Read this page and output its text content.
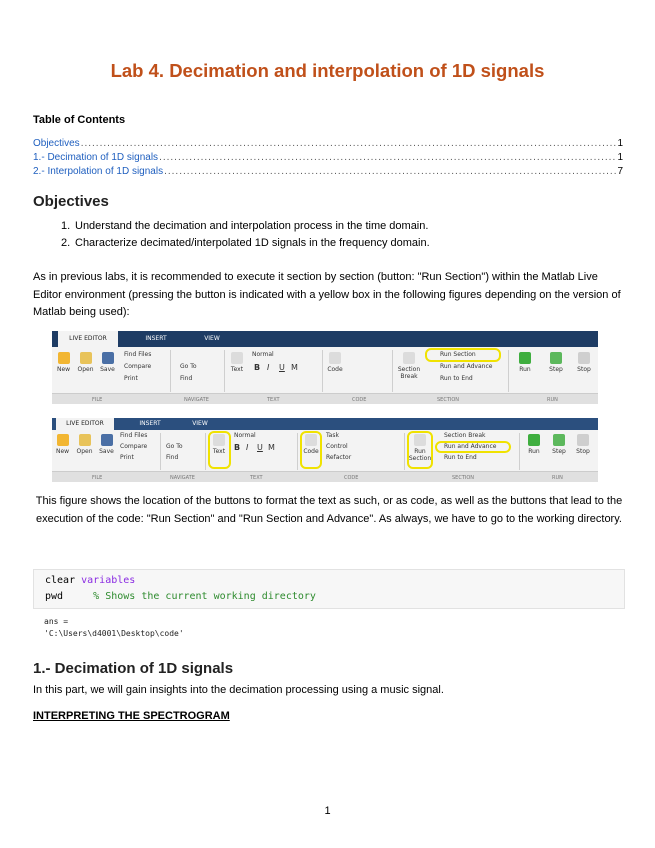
Lab 4. Decimation and interpolation of 1D signals
Table of Contents
Objectives .....	1
1.- Decimation of 1D signals .....	1
2.- Interpolation of 1D signals .....	7
Objectives
1. Understand the decimation and interpolation process in the time domain.
2. Characterize decimated/interpolated 1D signals in the frequency domain.
As in previous labs, it is recommended to execute it section by section (button: "Run Section") within the Matlab Live Editor environment (pressing the button is indicated with a yellow box in the following figures depending on the version of Matlab being used):
LIVE EDITOR	INSERT	VIEW
New	Open Save
Find Files
Compare
Print
Go To
Find
Text
Normal
B I U M	Code	Section Break
Run Section
Run and Advance
Run to End
Run	Step	Stop
FILE	NAVIGATE	TEXT	CODE	SECTION	RUN
LIVE EDITOR	INSERT	VIEW
New	Open Save
Find Files
Compare
Print
Go To
Find
Text
Normal
B I U M	Code
Task
Control
Refactor
Run Section
Section Break
Run and Advance
Run to End
Run	Step	Stop
FILE	NAVIGATE	TEXT	CODE	SECTION	RUN
This figure shows the location of the buttons to format the text as such, or as code, as well as the buttons that lead to the execution of the code: "Run Section" and "Run Section and Advance". As always, we have to go to the working directory.
clear variables
pwd     % Shows the current working directory
ans =
'C:\Users\d4001\Desktop\code'
1.- Decimation of 1D signals
In this part, we will gain insights into the decimation processing using a music signal.
INTERPRETING THE SPECTROGRAM
1
